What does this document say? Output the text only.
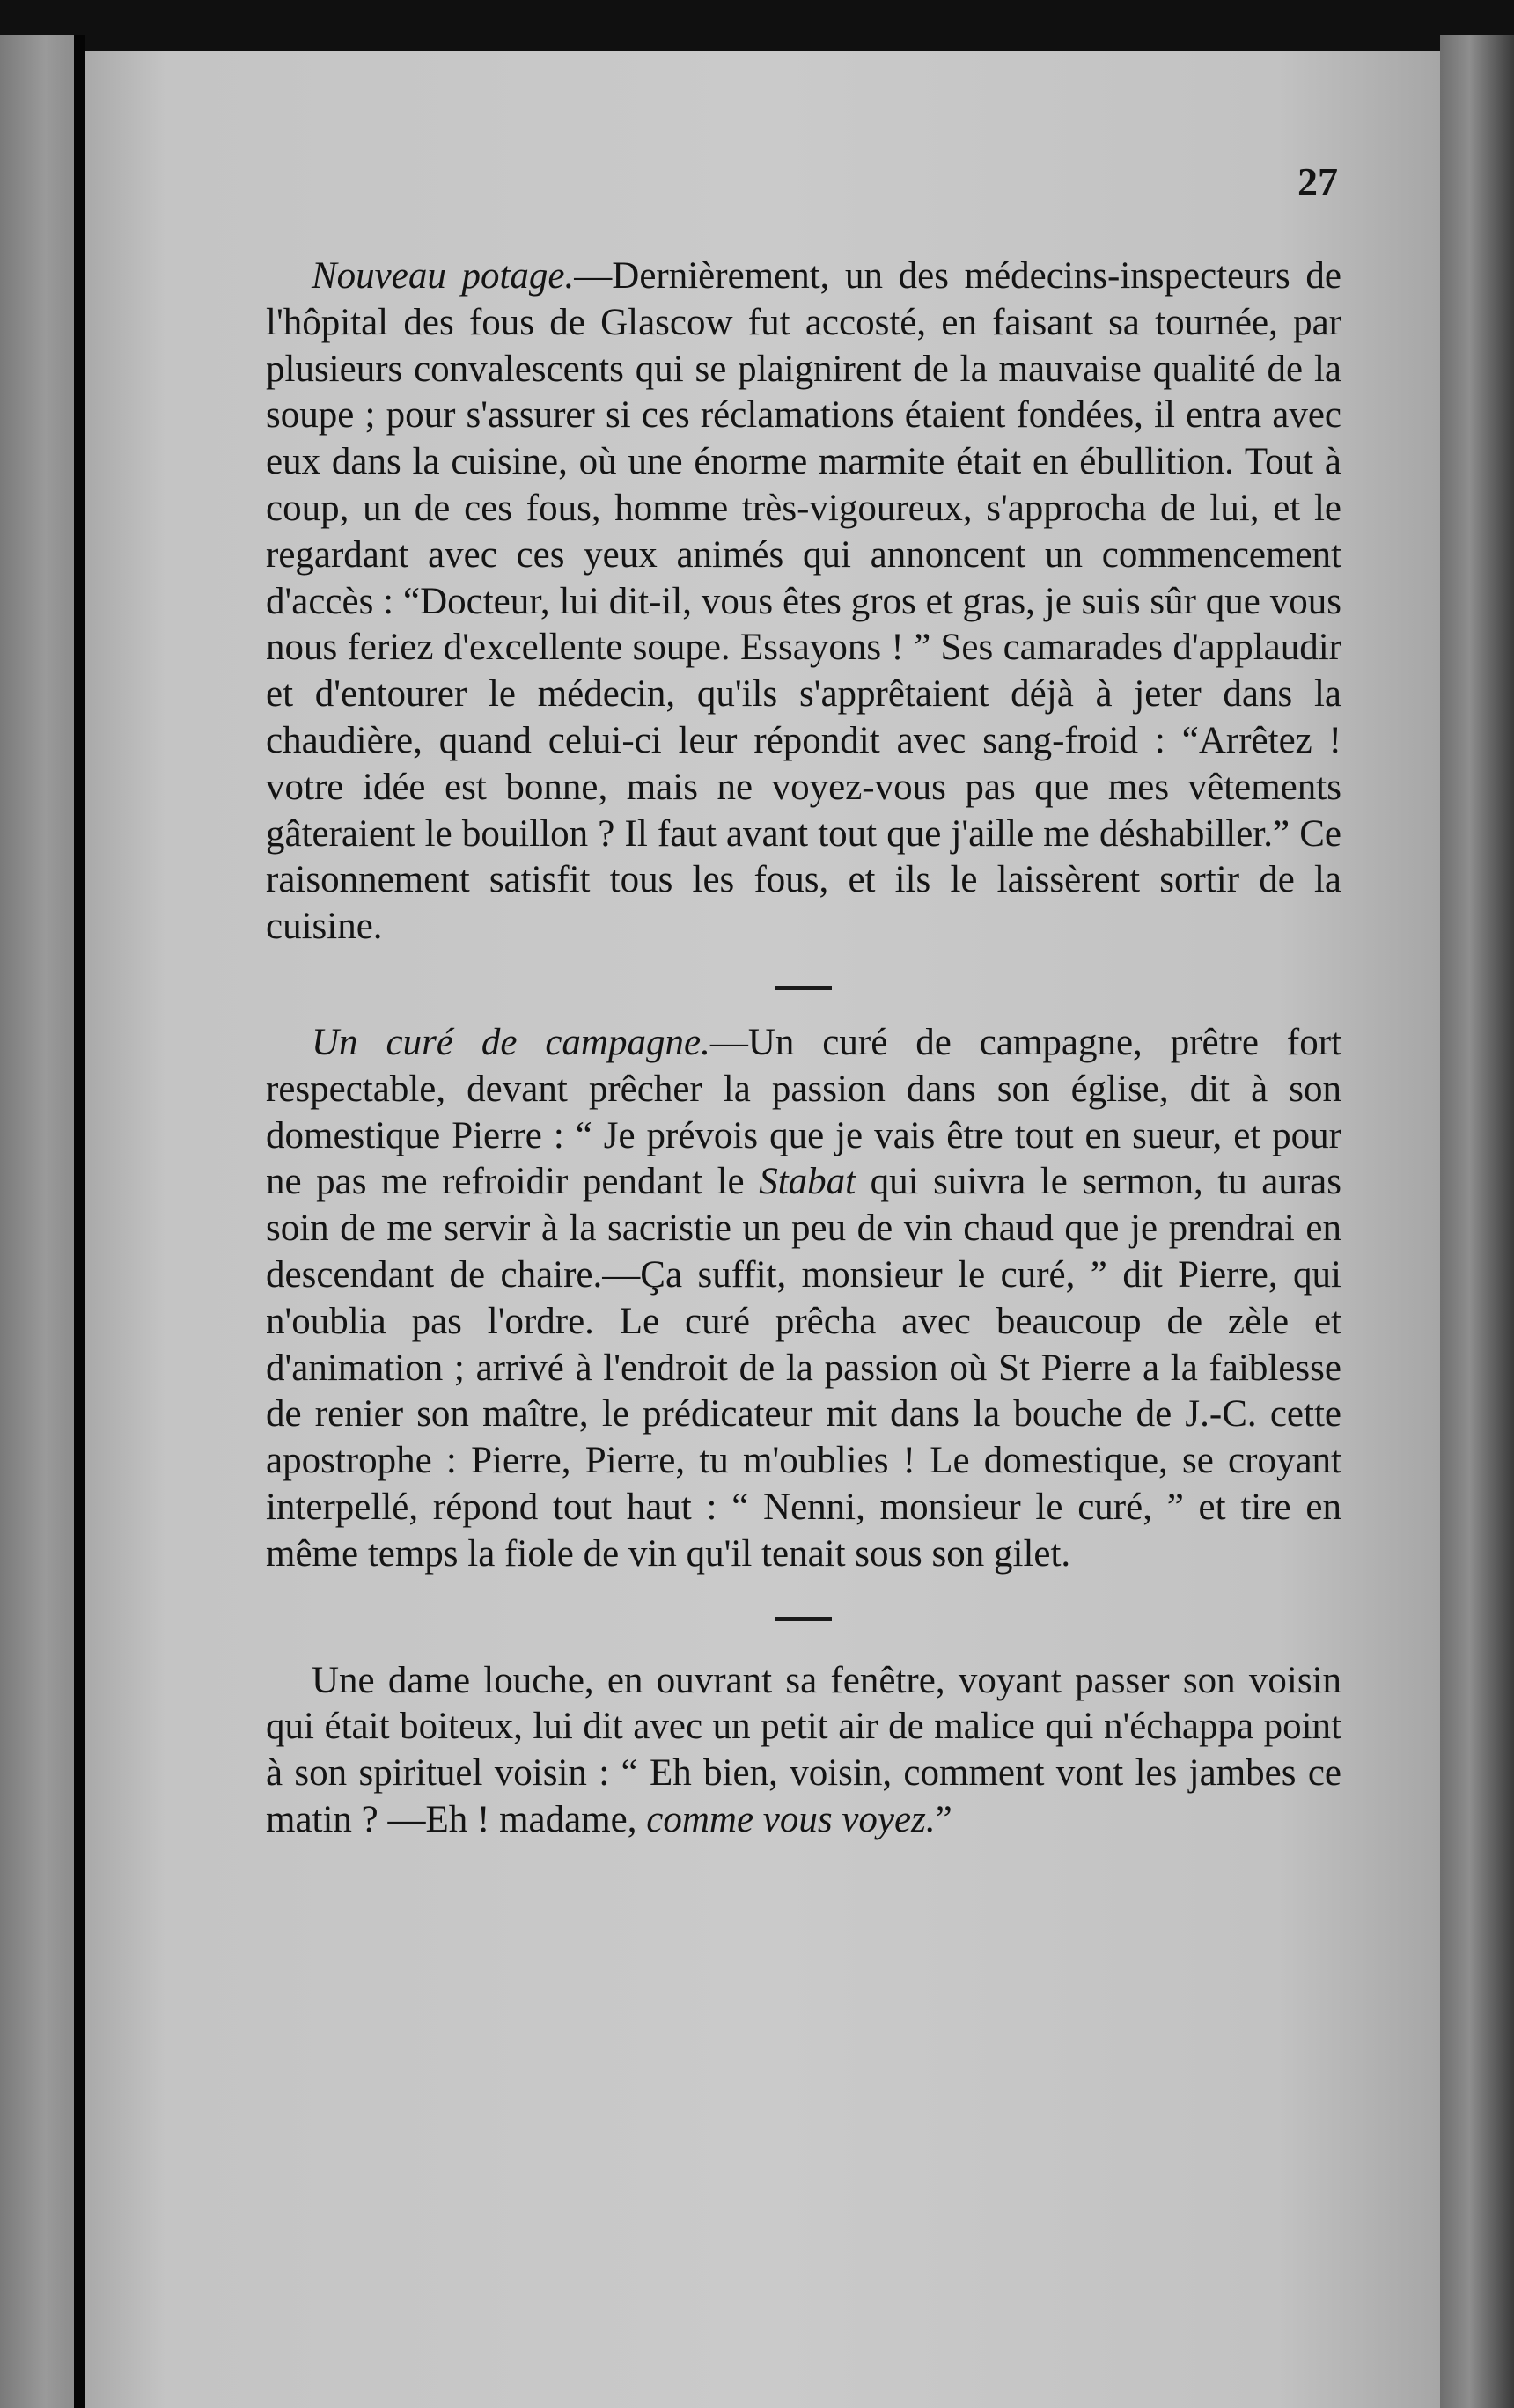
27

Nouveau potage.—Dernièrement, un des médecins-inspecteurs de l'hôpital des fous de Glascow fut accosté, en faisant sa tournée, par plusieurs convalescents qui se plaignirent de la mauvaise qualité de la soupe ; pour s'assurer si ces réclamations étaient fondées, il entra avec eux dans la cuisine, où une énorme marmite était en ébullition. Tout à coup, un de ces fous, homme très-vigoureux, s'approcha de lui, et le regardant avec ces yeux animés qui annoncent un commencement d'accès : “Docteur, lui dit-il, vous êtes gros et gras, je suis sûr que vous nous feriez d'excellente soupe. Essayons ! ” Ses camarades d'applaudir et d'entourer le médecin, qu'ils s'apprêtaient déjà à jeter dans la chaudière, quand celui-ci leur répondit avec sang-froid : “Arrêtez ! votre idée est bonne, mais ne voyez-vous pas que mes vêtements gâteraient le bouillon ? Il faut avant tout que j'aille me déshabiller.” Ce raisonnement satisfit tous les fous, et ils le laissèrent sortir de la cuisine.

Un curé de campagne.—Un curé de campagne, prêtre fort respectable, devant prêcher la passion dans son église, dit à son domestique Pierre : “ Je prévois que je vais être tout en sueur, et pour ne pas me refroidir pendant le Stabat qui suivra le sermon, tu auras soin de me servir à la sacristie un peu de vin chaud que je prendrai en descendant de chaire.—Ça suffit, monsieur le curé, ” dit Pierre, qui n'oublia pas l'ordre. Le curé prêcha avec beaucoup de zèle et d'animation ; arrivé à l'endroit de la passion où St Pierre a la faiblesse de renier son maître, le prédicateur mit dans la bouche de J.-C. cette apostrophe : Pierre, Pierre, tu m'oublies ! Le domestique, se croyant interpellé, répond tout haut : “ Nenni, monsieur le curé, ” et tire en même temps la fiole de vin qu'il tenait sous son gilet.

Une dame louche, en ouvrant sa fenêtre, voyant passer son voisin qui était boiteux, lui dit avec un petit air de malice qui n'échappa point à son spirituel voisin : “ Eh bien, voisin, comment vont les jambes ce matin ? —Eh ! madame, comme vous voyez.”
